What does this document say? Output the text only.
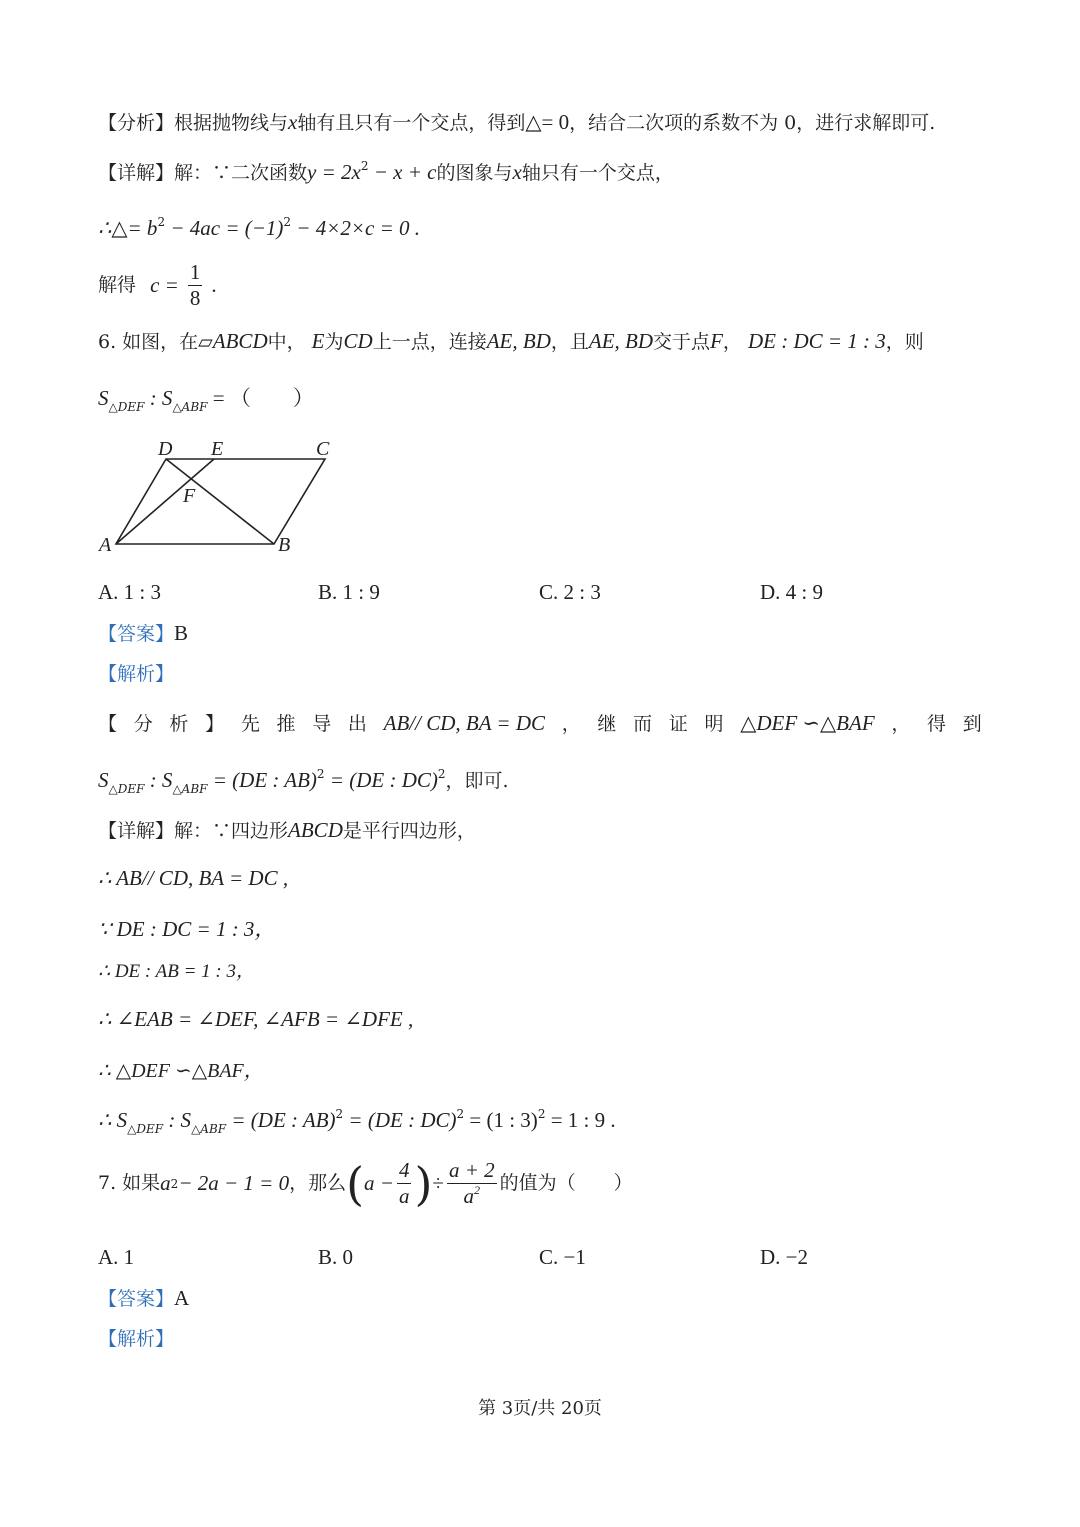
【分析】根据抛物线与x轴有且只有一个交点，得到△= 0，结合二次项的系数不为 0，进行求解即可.
【详解】解：∵二次函数$y = 2x^2 - x + c$的图象与x轴只有一个交点，
∴△= $b^2 - 4ac = (-1)^2 - 4\times 2\times c = 0$ .
解得 $c = \frac{1}{8}$ .
6. 如图，在▱ABCD中， E为CD上一点，连接AE, BD，且AE, BD交于点F， DE : DC = 1 : 3，则
$S_{\triangle DEF}$ : $S_{\triangle ABF}$ = （　　）
D E	C
F
A	B
A. 1 : 3	B. 1 : 9	C. 2 : 3	D. 4 : 9
【答案】B
【解析】
【 分 析 】 先 推 导 出 AB// CD, BA = DC ， 继 而 证 明 △DEF ∽△BAF ， 得 到
$S_{\triangle DEF}$ : $S_{\triangle ABF} = (DE$ : AB)$^2$ = (DE : DC)$^2$，即可.
【详解】解：∵四边形ABCD是平行四边形，
∴ AB// CD, BA = DC ,
∵ DE : DC = 1 : 3，
∴ DE : AB = 1 : 3，
∴ ∠EAB = ∠DEF, ∠AFB = ∠DFE ,
∴ △DEF ∽△BAF，
∴ $S_{\triangle DEF}$ : $S_{\triangle ABF} = (DE$ : AB)$^2$ = (DE : DC)$^2$ = (1 : 3)$^2$ = 1 : 9 .
7. 如果 a 2 − 2a − 1 = 0 ，那么 ( $a - \frac{4}{a}$ ) ÷ $\frac{a + 2}{a^2}$ 的值为（　　）
A. 1	B. 0	C. −1	D. −2
【答案】A
【解析】
第 3页/共 20页
